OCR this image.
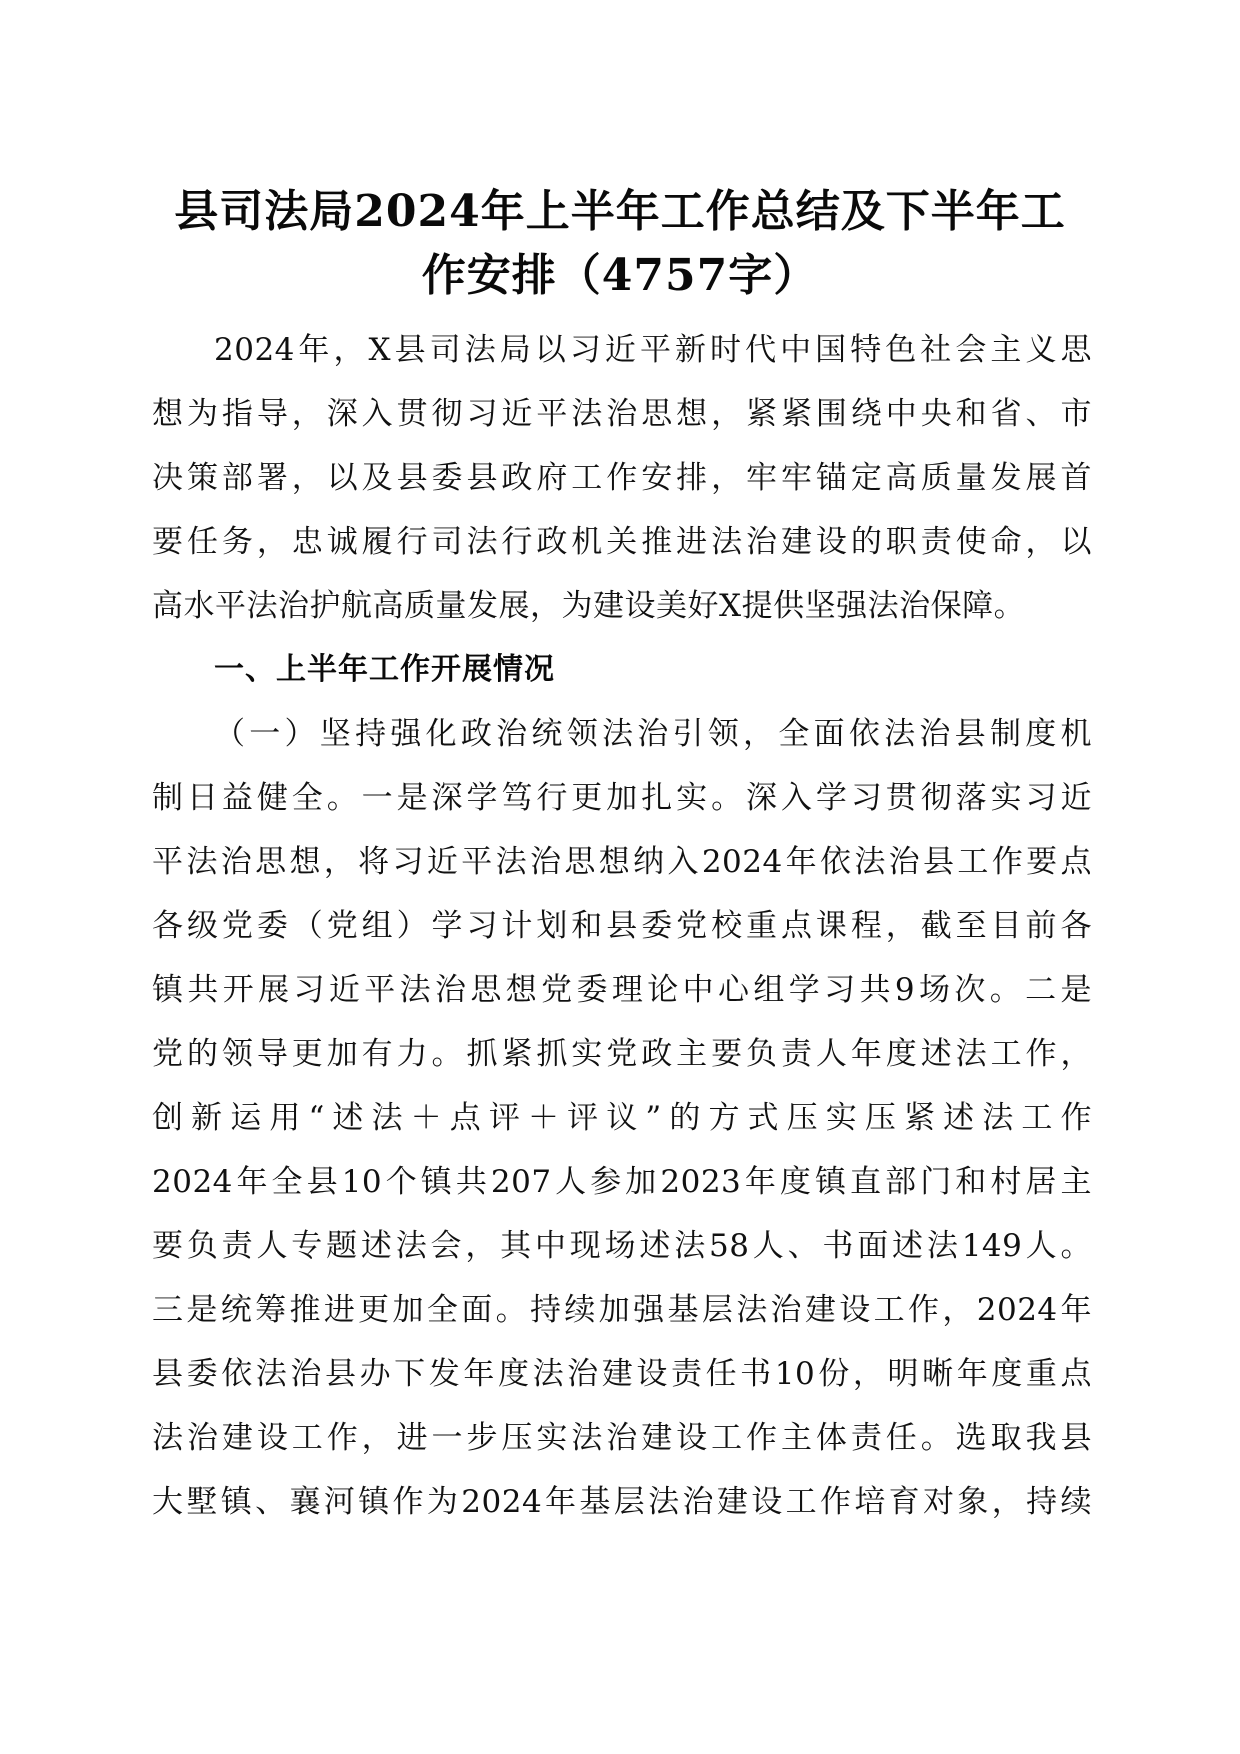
县司法局2024年上半年工作总结及下半年工
作安排（4757字）
2024年，X县司法局以习近平新时代中国特色社会主义思
想为指导，深入贯彻习近平法治思想，紧紧围绕中央和省、市
决策部署，以及县委县政府工作安排，牢牢锚定高质量发展首
要任务，忠诚履行司法行政机关推进法治建设的职责使命，以
高水平法治护航高质量发展，为建设美好X提供坚强法治保障。
一、上半年工作开展情况
（一）坚持强化政治统领法治引领，全面依法治县制度机
制日益健全。一是深学笃行更加扎实。深入学习贯彻落实习近
平法治思想，将习近平法治思想纳入2024年依法治县工作要点
各级党委（党组）学习计划和县委党校重点课程，截至目前各
镇共开展习近平法治思想党委理论中心组学习共9场次。二是
党的领导更加有力。抓紧抓实党政主要负责人年度述法工作，
创新运用“述法＋点评＋评议”的方式压实压紧述法工作
2024年全县10个镇共207人参加2023年度镇直部门和村居主
要负责人专题述法会，其中现场述法58人、书面述法149人。
三是统筹推进更加全面。持续加强基层法治建设工作，2024年
县委依法治县办下发年度法治建设责任书10份，明晰年度重点
法治建设工作，进一步压实法治建设工作主体责任。选取我县
大墅镇、襄河镇作为2024年基层法治建设工作培育对象，持续
